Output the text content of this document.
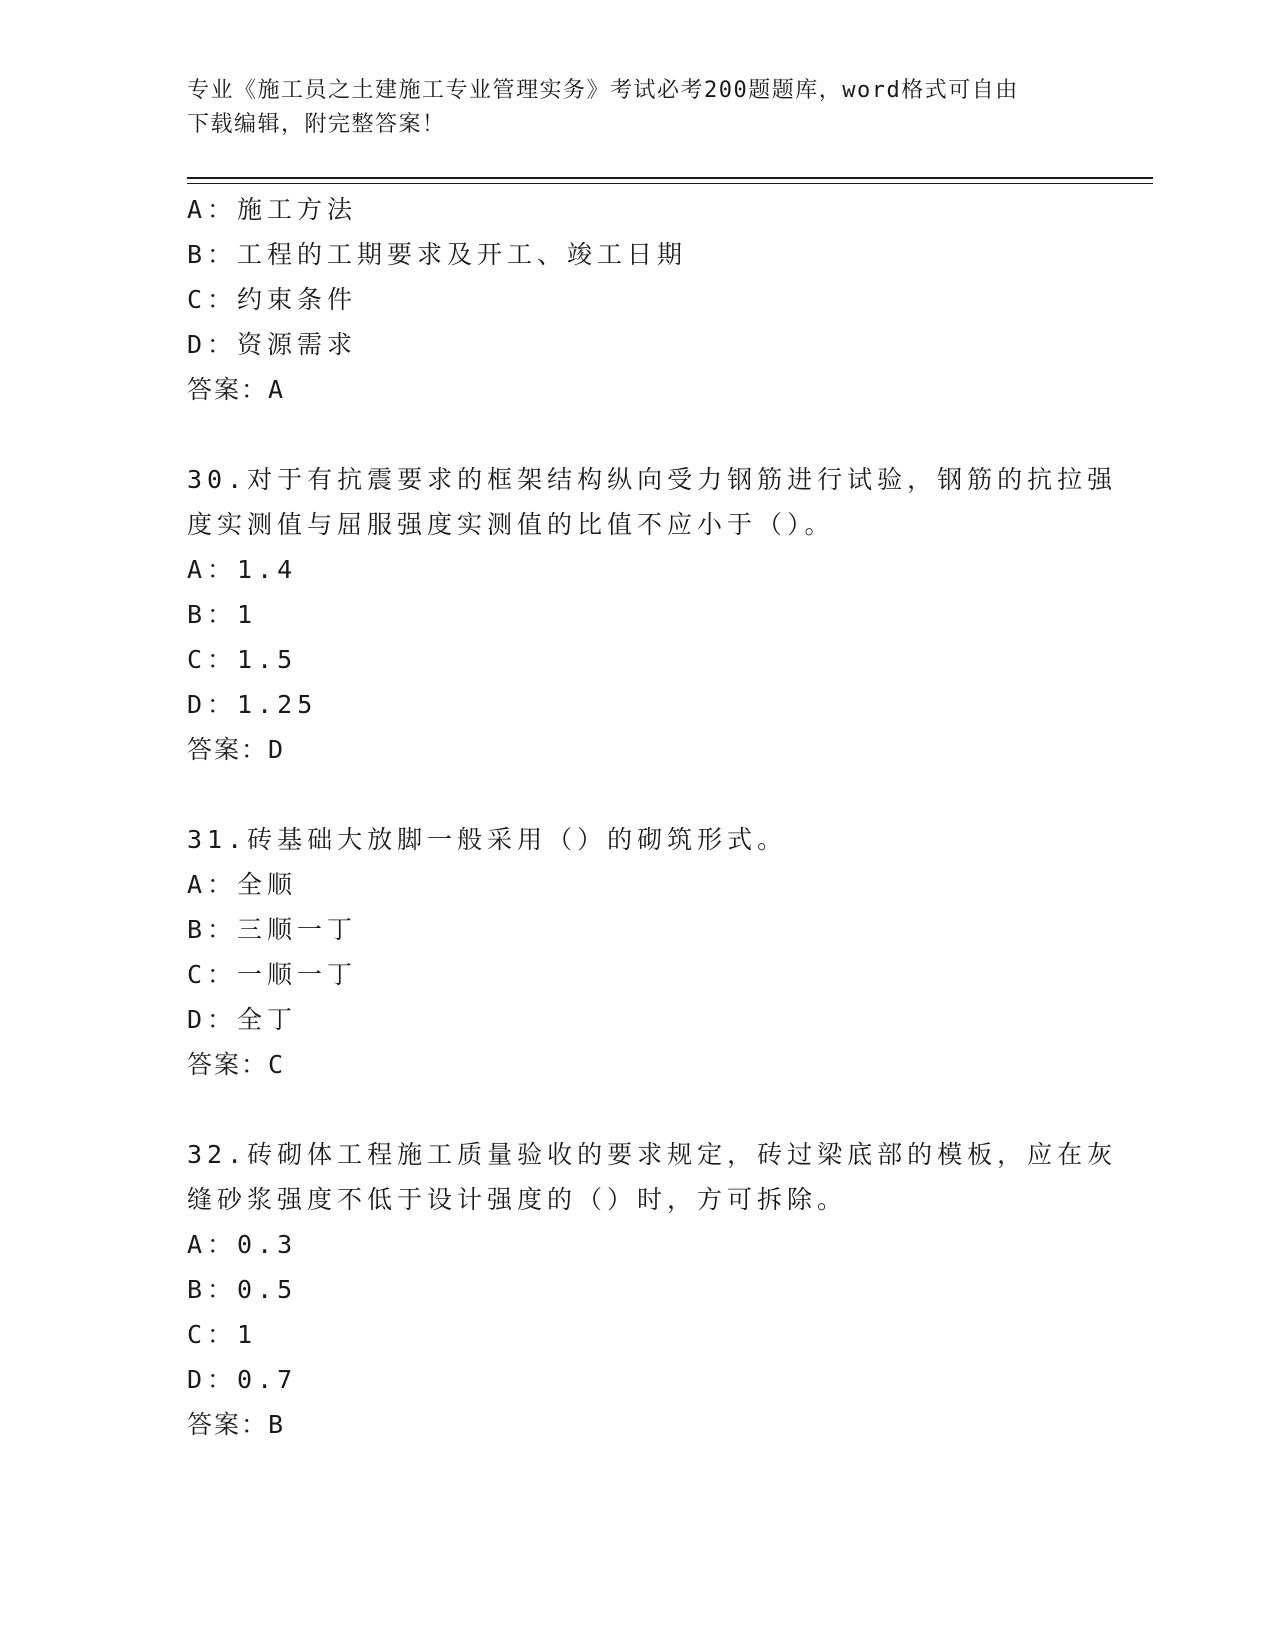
专业《施工员之土建施工专业管理实务》考试必考200题题库，word格式可自由
下载编辑，附完整答案！
A：施工方法
B：工程的工期要求及开工、竣工日期
C：约束条件
D：资源需求
答案：A
30.对于有抗震要求的框架结构纵向受力钢筋进行试验，钢筋的抗拉强
度实测值与屈服强度实测值的比值不应小于（）。
A：1.4
B：1
C：1.5
D：1.25
答案：D
31.砖基础大放脚一般采用（）的砌筑形式。
A：全顺
B：三顺一丁
C：一顺一丁
D：全丁
答案：C
32.砖砌体工程施工质量验收的要求规定，砖过梁底部的模板，应在灰
缝砂浆强度不低于设计强度的（）时，方可拆除。
A：0.3
B：0.5
C：1
D：0.7
答案：B
